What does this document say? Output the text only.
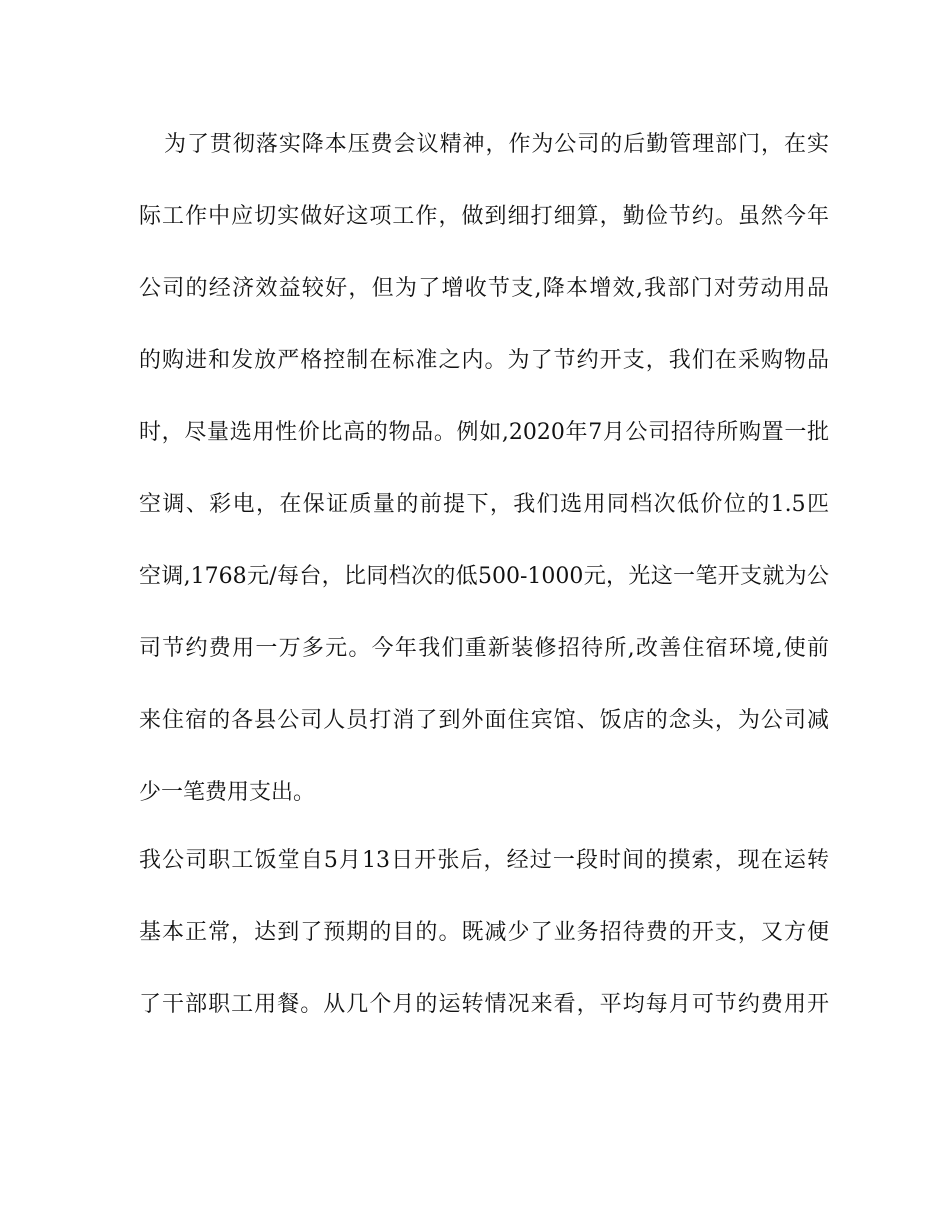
为了贯彻落实降本压费会议精神，作为公司的后勤管理部门，在实
际工作中应切实做好这项工作，做到细打细算，勤俭节约。虽然今年
公司的经济效益较好，但为了增收节支,降本增效,我部门对劳动用品
的购进和发放严格控制在标准之内。为了节约开支，我们在采购物品
时，尽量选用性价比高的物品。例如,2020年7月公司招待所购置一批
空调、彩电，在保证质量的前提下，我们选用同档次低价位的1.5匹
空调,1768元/每台，比同档次的低500-1000元，光这一笔开支就为公
司节约费用一万多元。今年我们重新装修招待所,改善住宿环境,使前
来住宿的各县公司人员打消了到外面住宾馆、饭店的念头，为公司减
少一笔费用支出。
我公司职工饭堂自5月13日开张后，经过一段时间的摸索，现在运转
基本正常，达到了预期的目的。既减少了业务招待费的开支，又方便
了干部职工用餐。从几个月的运转情况来看，平均每月可节约费用开
